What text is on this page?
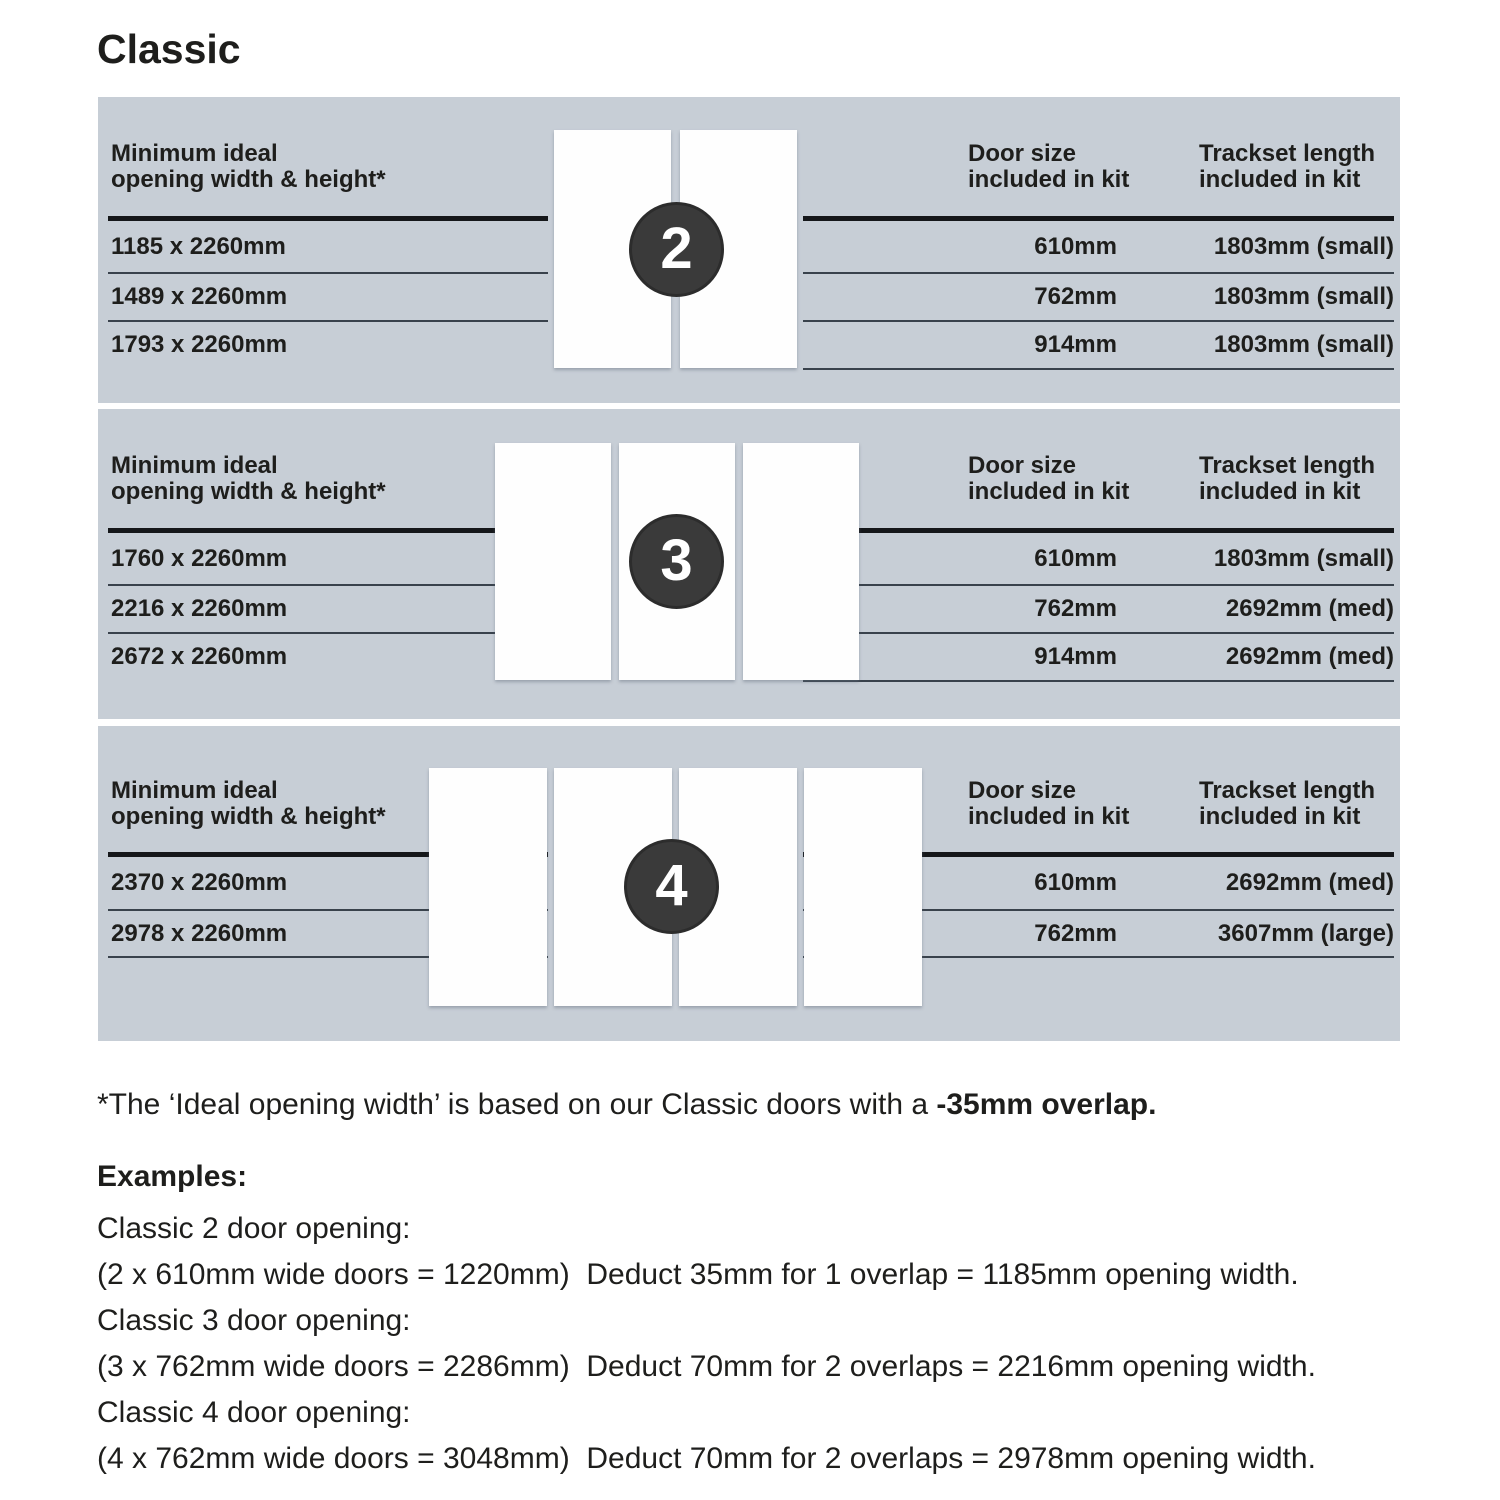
Classic
Minimum ideal
opening width & height*
Door size
included in kit
Trackset length
included in kit
1185 x 2260mm	610mm	1803mm (small)
1489 x 2260mm	762mm	1803mm (small)
1793 x 2260mm	914mm	1803mm (small)
2
Minimum ideal
opening width & height*
Door size
included in kit
Trackset length
included in kit
1760 x 2260mm	610mm	1803mm (small)
2216 x 2260mm	762mm	2692mm (med)
2672 x 2260mm	914mm	2692mm (med)
3
Minimum ideal
opening width & height*
Door size
included in kit
Trackset length
included in kit
2370 x 2260mm	610mm	2692mm (med)
2978 x 2260mm	762mm	3607mm (large)
4
*The ‘Ideal opening width’ is based on our Classic doors with a -35mm overlap.
Examples:
Classic 2 door opening:
(2 x 610mm wide doors = 1220mm)  Deduct 35mm for 1 overlap = 1185mm opening width.
Classic 3 door opening:
(3 x 762mm wide doors = 2286mm)  Deduct 70mm for 2 overlaps = 2216mm opening width.
Classic 4 door opening:
(4 x 762mm wide doors = 3048mm)  Deduct 70mm for 2 overlaps = 2978mm opening width.
